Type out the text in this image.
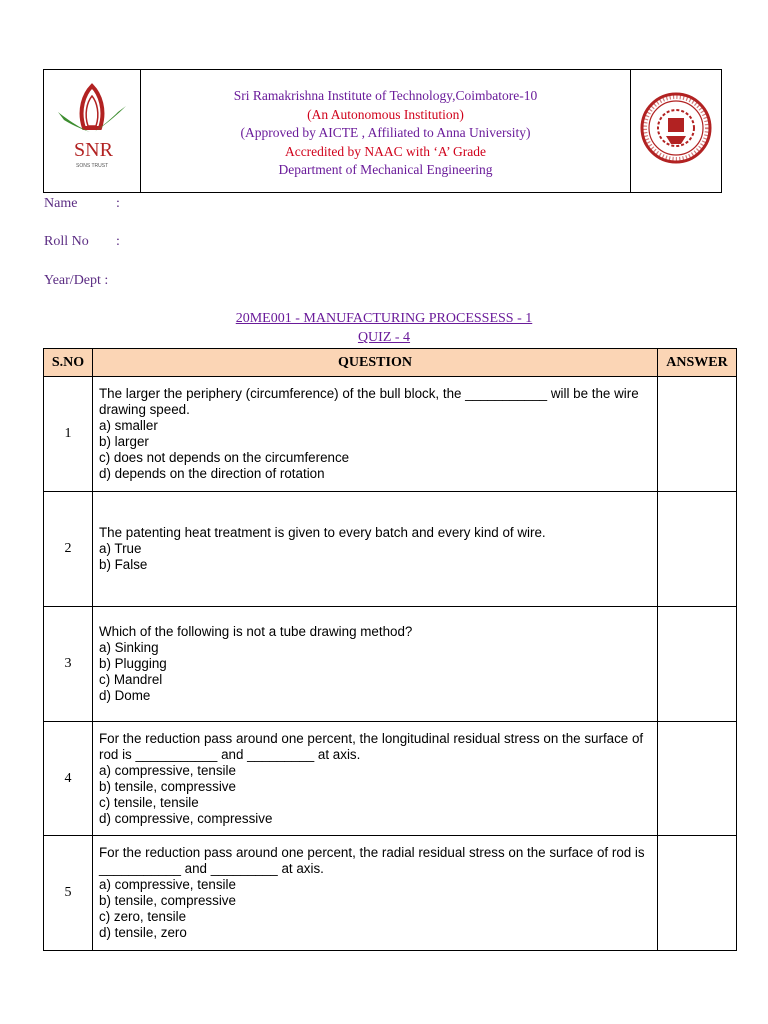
SNR
SONS TRUST
Sri Ramakrishna Institute of Technology,Coimbatore-10
(An Autonomous Institution)
(Approved by AICTE , Affiliated to Anna University)
Accredited by NAAC with ‘A’ Grade
Department of Mechanical Engineering
Name	:
Roll No :
Year/Dept :
20ME001 - MANUFACTURING PROCESSESS - 1
QUIZ - 4
S.NO	QUESTION	ANSWER
1	The larger the periphery (circumference) of the bull block, the ___________ will be the wire drawing speed.
a) smaller
b) larger
c) does not depends on the circumference
d) depends on the direction of rotation	

2	The patenting heat treatment is given to every batch and every kind of wire.
a) True
b) False	

3	Which of the following is not a tube drawing method?
a) Sinking
b) Plugging
c) Mandrel
d) Dome	

4	For the reduction pass around one percent, the longitudinal residual stress on the surface of rod is ___________ and _________ at axis.
a) compressive, tensile
b) tensile, compressive
c) tensile, tensile
d) compressive, compressive	

5	For the reduction pass around one percent, the radial residual stress on the surface of rod is ___________ and _________ at axis.
a) compressive, tensile
b) tensile, compressive
c) zero, tensile
d) tensile, zero	
